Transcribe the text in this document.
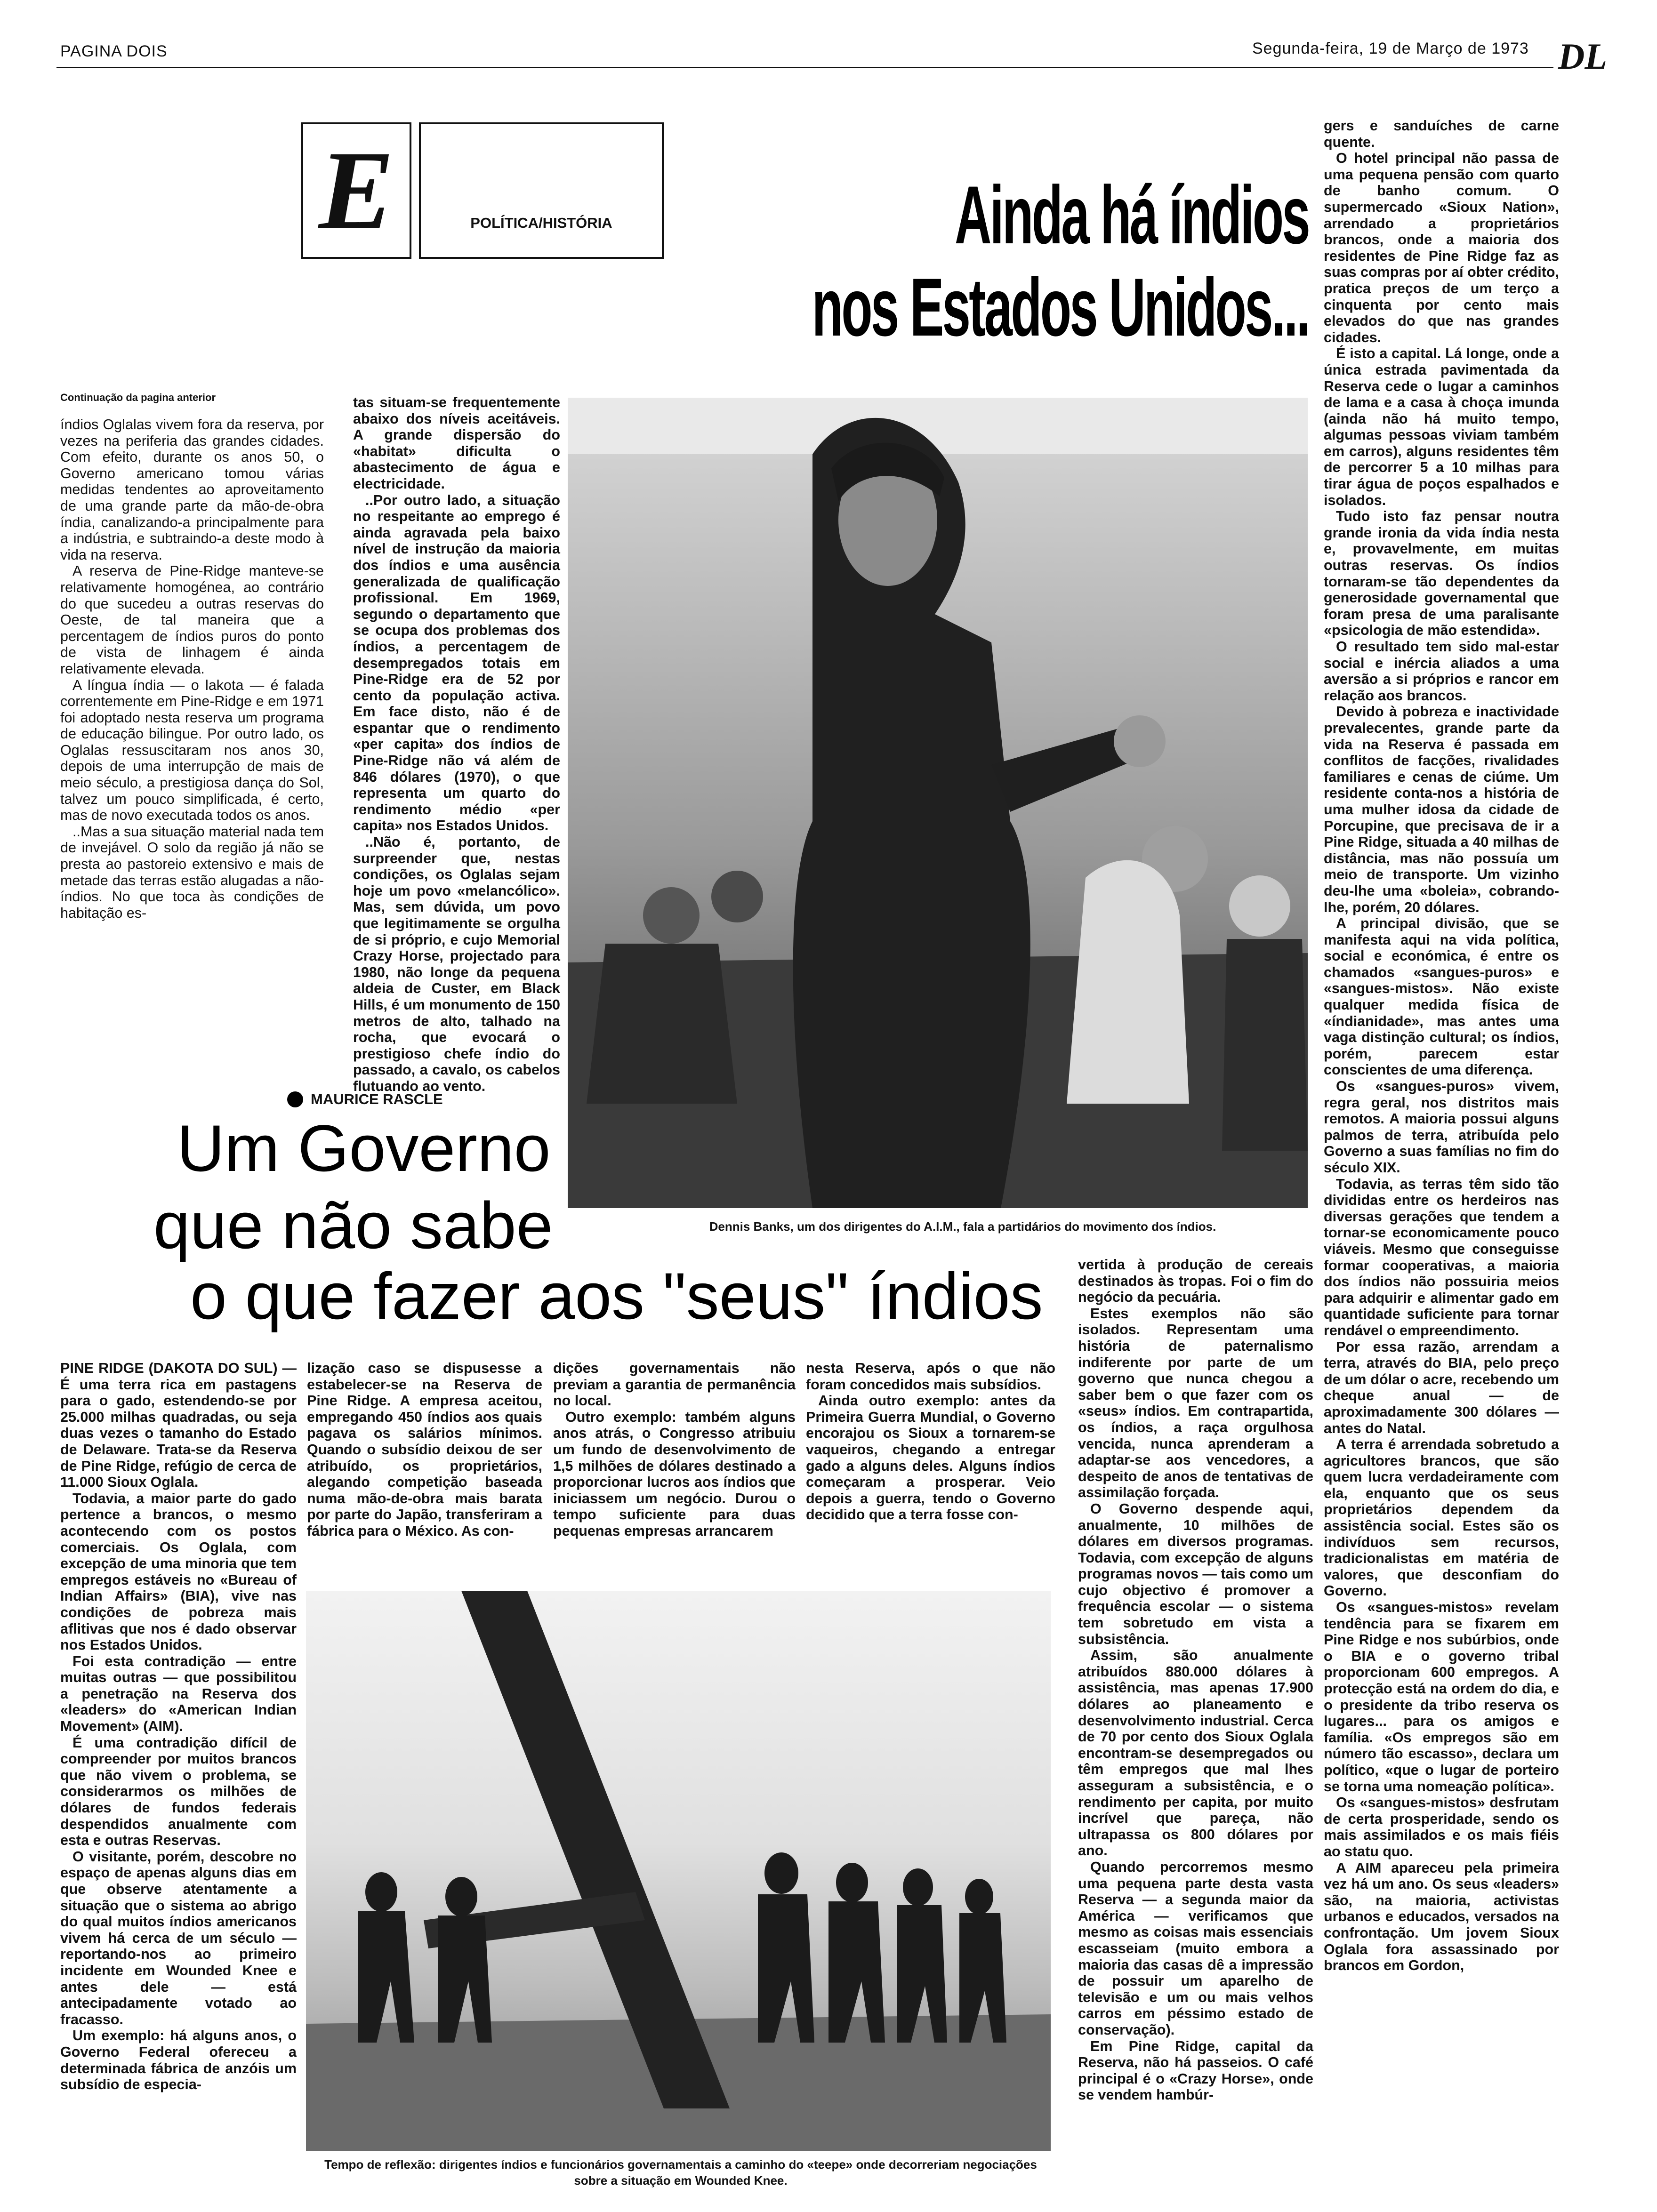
PAGINA DOIS	Segunda-feira, 19 de Março de 1973 DL
E	POLÍTICA/HISTÓRIA	Ainda há índios
nos Estados Unidos...
Continuação da pagina anterior

índios Oglalas vivem fora da reserva, por vezes na periferia das grandes cidades. Com efeito, durante os anos 50, o Governo americano tomou várias medidas tendentes ao aproveitamento de uma grande parte da mão-de-obra índia, canalizando-a principalmente para a indústria, e subtraindo-a deste modo à vida na reserva.

A reserva de Pine-Ridge manteve-se relativamente homogénea, ao contrário do que sucedeu a outras reservas do Oeste, de tal maneira que a percentagem de índios puros do ponto de vista de linhagem é ainda relativamente elevada.

A língua índia — o lakota — é falada correntemente em Pine-Ridge e em 1971 foi adoptado nesta reserva um programa de educação bilingue. Por outro lado, os Oglalas ressuscitaram nos anos 30, depois de uma interrupção de mais de meio século, a prestigiosa dança do Sol, talvez um pouco simplificada, é certo, mas de novo executada todos os anos.

..Mas a sua situação material nada tem de invejável. O solo da região já não se presta ao pastoreio extensivo e mais de metade das terras estão alugadas a não-índios. No que toca às condições de habitação es-

tas situam-se frequentemente abaixo dos níveis aceitáveis. A grande dispersão do «habitat» dificulta o abastecimento de água e electricidade.

..Por outro lado, a situação no respeitante ao emprego é ainda agravada pela baixo nível de instrução da maioria dos índios e uma ausência generalizada de qualificação profissional. Em 1969, segundo o departamento que se ocupa dos problemas dos índios, a percentagem de desempregados totais em Pine-Ridge era de 52 por cento da população activa. Em face disto, não é de espantar que o rendimento «per capita» dos índios de Pine-Ridge não vá além de 846 dólares (1970), o que representa um quarto do rendimento médio «per capita» nos Estados Unidos.

..Não é, portanto, de surpreender que, nestas condições, os Oglalas sejam hoje um povo «melancólico». Mas, sem dúvida, um povo que legitimamente se orgulha de si próprio, e cujo Memorial Crazy Horse, projectado para 1980, não longe da pequena aldeia de Custer, em Black Hills, é um monumento de 150 metros de alto, talhado na rocha, que evocará o prestigioso chefe índio do passado, a cavalo, os cabelos flutuando ao vento.

Dennis Banks, um dos dirigentes do A.I.M., fala a partidários do movimento dos índios.
MAURICE RASCLE
Um Governo
que não sabe
o que fazer aos "seus" índios

PINE RIDGE (DAKOTA DO SUL) — É uma terra rica em pastagens para o gado, estendendo-se por 25.000 milhas quadradas, ou seja duas vezes o tamanho do Estado de Delaware. Trata-se da Reserva de Pine Ridge, refúgio de cerca de 11.000 Sioux Oglala.

Todavia, a maior parte do gado pertence a brancos, o mesmo acontecendo com os postos comerciais. Os Oglala, com excepção de uma minoria que tem empregos estáveis no «Bureau of Indian Affairs» (BIA), vive nas condições de pobreza mais aflitivas que nos é dado observar nos Estados Unidos.

Foi esta contradição — entre muitas outras — que possibilitou a penetração na Reserva dos «leaders» do «American Indian Movement» (AIM).

É uma contradição difícil de compreender por muitos brancos que não vivem o problema, se considerarmos os milhões de dólares de fundos federais despendidos anualmente com esta e outras Reservas.

O visitante, porém, descobre no espaço de apenas alguns dias em que observe atentamente a situação que o sistema ao abrigo do qual muitos índios americanos vivem há cerca de um século — reportando-nos ao primeiro incidente em Wounded Knee e antes dele — está antecipadamente votado ao fracasso.

Um exemplo: há alguns anos, o Governo Federal ofereceu a determinada fábrica de anzóis um subsídio de especia-

lização caso se dispusesse a estabelecer-se na Reserva de Pine Ridge. A empresa aceitou, empregando 450 índios aos quais pagava os salários mínimos. Quando o subsídio deixou de ser atribuído, os proprietários, alegando competição baseada numa mão-de-obra mais barata por parte do Japão, transferiram a fábrica para o México. As con-

dições governamentais não previam a garantia de permanência no local.

Outro exemplo: também alguns anos atrás, o Congresso atribuiu um fundo de desenvolvimento de 1,5 milhões de dólares destinado a proporcionar lucros aos índios que iniciassem um negócio. Durou o tempo suficiente para duas pequenas empresas arrancarem

nesta Reserva, após o que não foram concedidos mais subsídios.

Ainda outro exemplo: antes da Primeira Guerra Mundial, o Governo encorajou os Sioux a tornarem-se vaqueiros, chegando a entregar gado a alguns deles. Alguns índios começaram a prosperar. Veio depois a guerra, tendo o Governo decidido que a terra fosse con-

vertida à produção de cereais destinados às tropas. Foi o fim do negócio da pecuária.

Estes exemplos não são isolados. Representam uma história de paternalismo indiferente por parte de um governo que nunca chegou a saber bem o que fazer com os «seus» índios. Em contrapartida, os índios, a raça orgulhosa vencida, nunca aprenderam a adaptar-se aos vencedores, a despeito de anos de tentativas de assimilação forçada.

O Governo despende aqui, anualmente, 10 milhões de dólares em diversos programas. Todavia, com excepção de alguns programas novos — tais como um cujo objectivo é promover a frequência escolar — o sistema tem sobretudo em vista a subsistência.

Assim, são anualmente atribuídos 880.000 dólares à assistência, mas apenas 17.900 dólares ao planeamento e desenvolvimento industrial. Cerca de 70 por cento dos Sioux Oglala encontram-se desempregados ou têm empregos que mal lhes asseguram a subsistência, e o rendimento per capita, por muito incrível que pareça, não ultrapassa os 800 dólares por ano.

Quando percorremos mesmo uma pequena parte desta vasta Reserva — a segunda maior da América — verificamos que mesmo as coisas mais essenciais escasseiam (muito embora a maioria das casas dê a impressão de possuir um aparelho de televisão e um ou mais velhos carros em péssimo estado de conservação).

Em Pine Ridge, capital da Reserva, não há passeios. O café principal é o «Crazy Horse», onde se vendem hambúr-

gers e sanduíches de carne quente.

O hotel principal não passa de uma pequena pensão com quarto de banho comum. O supermercado «Sioux Nation», arrendado a proprietários brancos, onde a maioria dos residentes de Pine Ridge faz as suas compras por aí obter crédito, pratica preços de um terço a cinquenta por cento mais elevados do que nas grandes cidades.

É isto a capital. Lá longe, onde a única estrada pavimentada da Reserva cede o lugar a caminhos de lama e a casa à choça imunda (ainda não há muito tempo, algumas pessoas viviam também em carros), alguns residentes têm de percorrer 5 a 10 milhas para tirar água de poços espalhados e isolados.

Tudo isto faz pensar noutra grande ironia da vida índia nesta e, provavelmente, em muitas outras reservas. Os índios tornaram-se tão dependentes da generosidade governamental que foram presa de uma paralisante «psicologia de mão estendida».

O resultado tem sido mal-estar social e inércia aliados a uma aversão a si próprios e rancor em relação aos brancos.

Devido à pobreza e inactividade prevalecentes, grande parte da vida na Reserva é passada em conflitos de facções, rivalidades familiares e cenas de ciúme. Um residente conta-nos a história de uma mulher idosa da cidade de Porcupine, que precisava de ir a Pine Ridge, situada a 40 milhas de distância, mas não possuía um meio de transporte. Um vizinho deu-lhe uma «boleia», cobrando-lhe, porém, 20 dólares.

A principal divisão, que se manifesta aqui na vida política, social e económica, é entre os chamados «sangues-puros» e «sangues-mistos». Não existe qualquer medida física de «índianidade», mas antes uma vaga distinção cultural; os índios, porém, parecem estar conscientes de uma diferença.

Os «sangues-puros» vivem, regra geral, nos distritos mais remotos. A maioria possui alguns palmos de terra, atribuída pelo Governo a suas famílias no fim do século XIX.

Todavia, as terras têm sido tão divididas entre os herdeiros nas diversas gerações que tendem a tornar-se economicamente pouco viáveis. Mesmo que conseguisse formar cooperativas, a maioria dos índios não possuiria meios para adquirir e alimentar gado em quantidade suficiente para tornar rendável o empreendimento.

Por essa razão, arrendam a terra, através do BIA, pelo preço de um dólar o acre, recebendo um cheque anual — de aproximadamente 300 dólares — antes do Natal.

A terra é arrendada sobretudo a agricultores brancos, que são quem lucra verdadeiramente com ela, enquanto que os seus proprietários dependem da assistência social. Estes são os indivíduos sem recursos, tradicionalistas em matéria de valores, que desconfiam do Governo.

Os «sangues-mistos» revelam tendência para se fixarem em Pine Ridge e nos subúrbios, onde o BIA e o governo tribal proporcionam 600 empregos. A protecção está na ordem do dia, e o presidente da tribo reserva os lugares... para os amigos e família. «Os empregos são em número tão escasso», declara um político, «que o lugar de porteiro se torna uma nomeação política».

Os «sangues-mistos» desfrutam de certa prosperidade, sendo os mais assimilados e os mais fiéis ao statu quo.

A AIM apareceu pela primeira vez há um ano. Os seus «leaders» são, na maioria, activistas urbanos e educados, versados na confrontação. Um jovem Sioux Oglala fora assassinado por brancos em Gordon,

Tempo de reflexão: dirigentes índios e funcionários governamentais a caminho do «teepe» onde decorreriam negociações sobre a situação em Wounded Knee.
